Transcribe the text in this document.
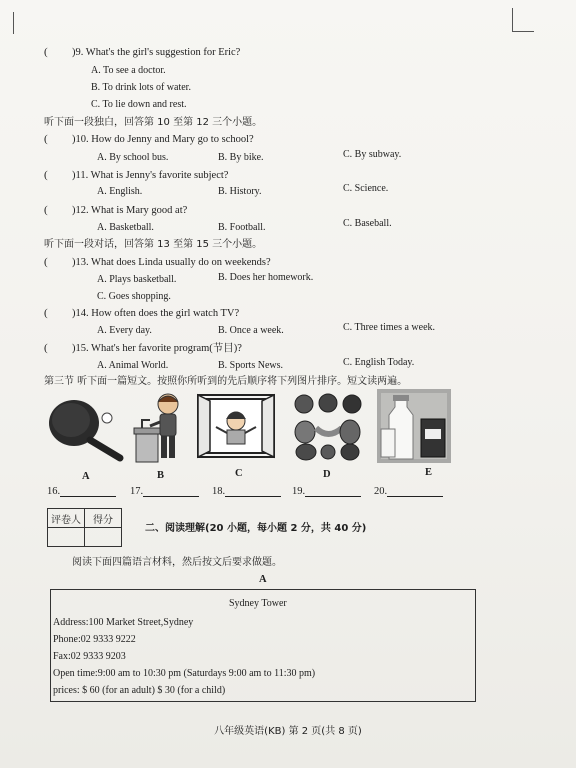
( )9. What's the girl's suggestion for Eric?
A. To see a doctor.
B. To drink lots of water.
C. To lie down and rest.
听下面一段独白，回答第 10 至第 12 三个小题。
( )10. How do Jenny and Mary go to school?
A. By school bus.	B. By bike.	C. By subway.
( )11. What is Jenny's favorite subject?
A. English.	B. History.	C. Science.
( )12. What is Mary good at?
A. Basketball.	B. Football.	C. Baseball.
听下面一段对话，回答第 13 至第 15 三个小题。
( )13. What does Linda usually do on weekends?
A. Plays basketball.	B. Does her homework.
C. Goes shopping.
( )14. How often does the girl watch TV?
A. Every day.	B. Once a week.	C. Three times a week.
( )15. What's her favorite program(节目)?
A. Animal World.	B. Sports News.	C. English Today.
第三节 听下面一篇短文。按照你所听到的先后顺序将下列图片排序。短文读两遍。
A	B	C	D	E
16.	17.	18.	19.	20.
评卷人	得分

二、阅读理解(20 小题，每小题 2 分，共 40 分)
阅读下面四篇语言材料，然后按文后要求做题。
A
Sydney Tower
Address:100 Market Street,Sydney
Phone:02 9333 9222
Fax:02 9333 9203
Open time:9:00 am to 10:30 pm (Saturdays 9:00 am to 11:30 pm)
prices: $ 60 (for an adult) $ 30 (for a child)
八年级英语(KB) 第 2 页(共 8 页)
